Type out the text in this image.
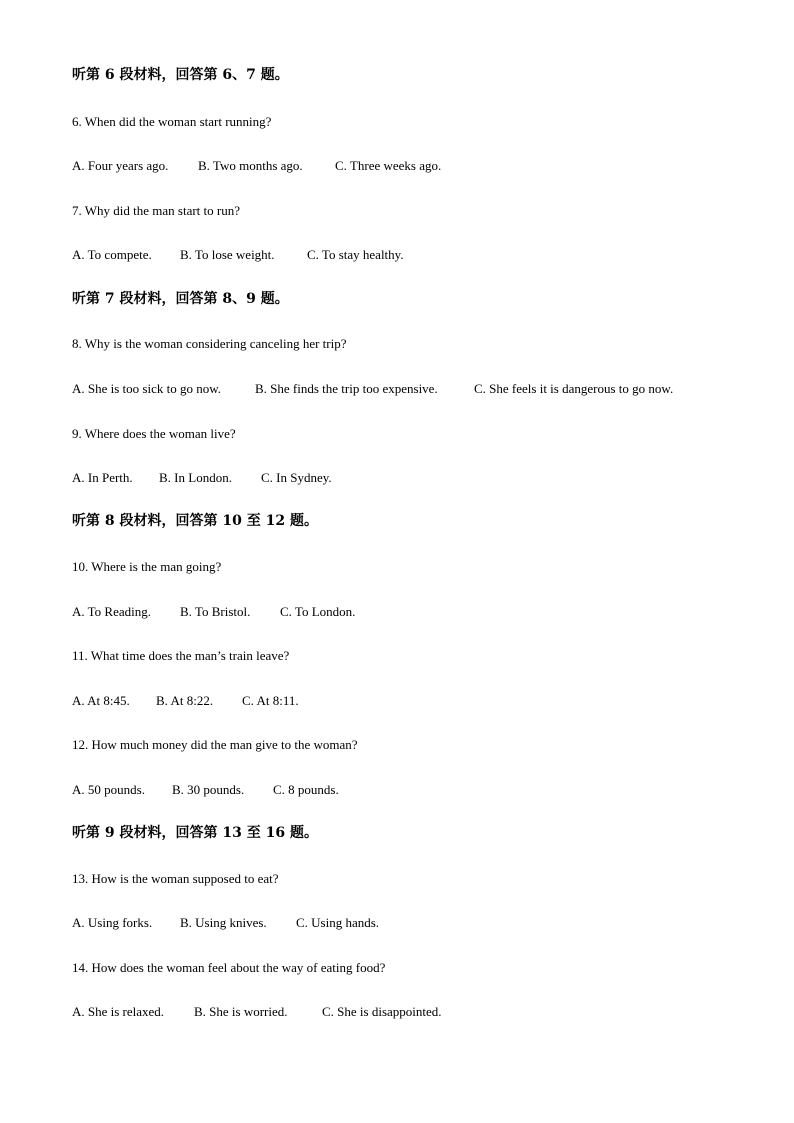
听第 6 段材料，回答第 6、7 题。
6. When did the woman start running?
A. Four years ago. B. Two months ago. C. Three weeks ago.
7. Why did the man start to run?
A. To compete. B. To lose weight. C. To stay healthy.
听第 7 段材料，回答第 8、9 题。
8. Why is the woman considering canceling her trip?
A. She is too sick to go now.	B. She finds the trip too expensive.	C. She feels it is dangerous to go now.
9. Where does the woman live?
A. In Perth. B. In London. C. In Sydney.
听第 8 段材料，回答第 10 至 12 题。
10. Where is the man going?
A. To Reading. B. To Bristol. C. To London.
11. What time does the man’s train leave?
A. At 8:45. B. At 8:22. C. At 8:11.
12. How much money did the man give to the woman?
A. 50 pounds. B. 30 pounds. C. 8 pounds.
听第 9 段材料，回答第 13 至 16 题。
13. How is the woman supposed to eat?
A. Using forks. B. Using knives. C. Using hands.
14. How does the woman feel about the way of eating food?
A. She is relaxed. B. She is worried.	C. She is disappointed.
